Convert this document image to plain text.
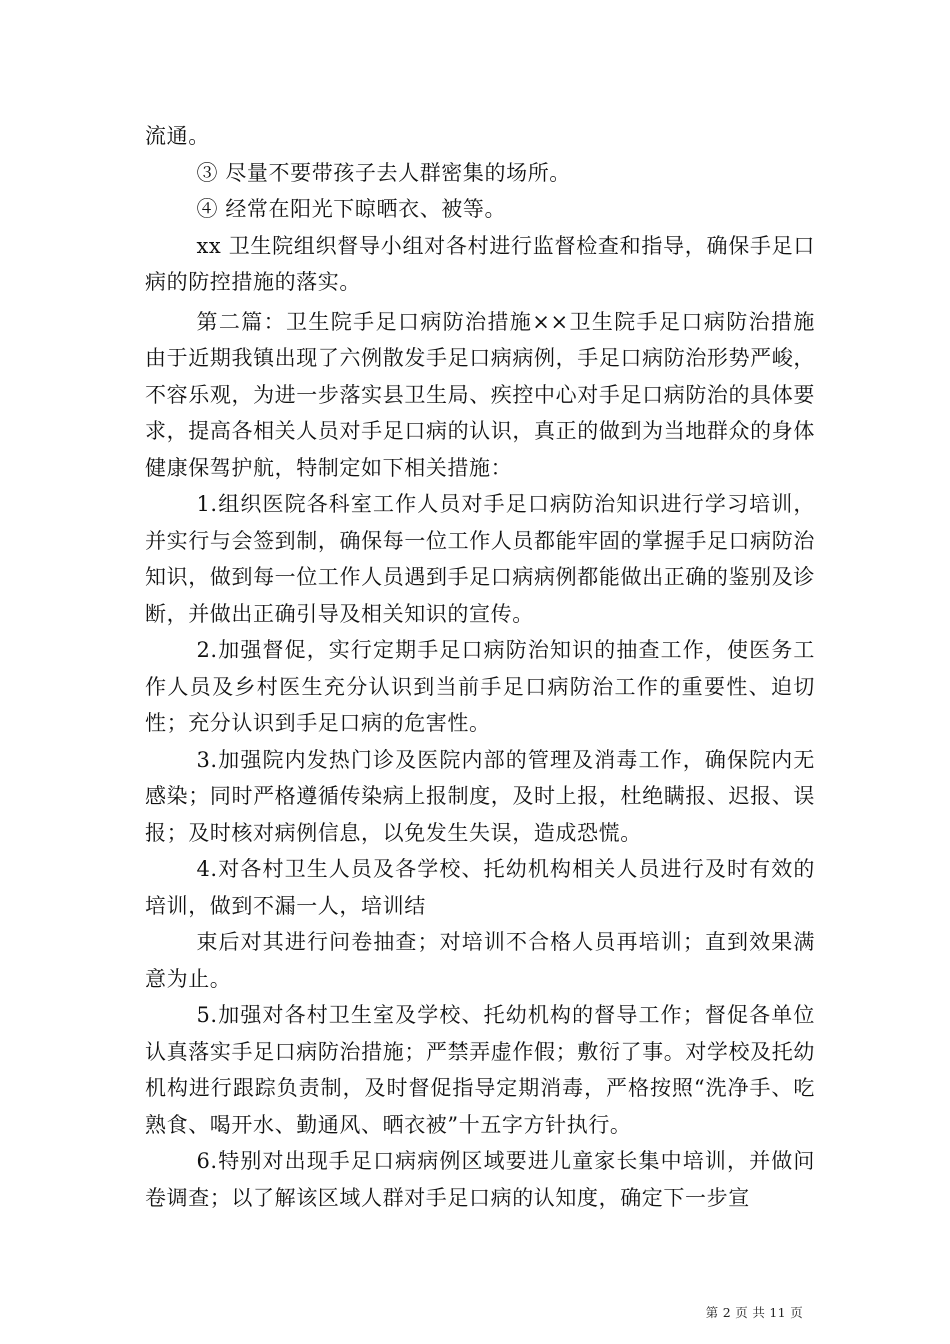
流通。

③ 尽量不要带孩子去人群密集的场所。

④ 经常在阳光下晾晒衣、被等。

xx 卫生院组织督导小组对各村进行监督检查和指导，确保手足口病的防控措施的落实。

第二篇：卫生院手足口病防治措施××卫生院手足口病防治措施由于近期我镇出现了六例散发手足口病病例，手足口病防治形势严峻，不容乐观，为进一步落实县卫生局、疾控中心对手足口病防治的具体要求，提高各相关人员对手足口病的认识，真正的做到为当地群众的身体健康保驾护航，特制定如下相关措施：

1.组织医院各科室工作人员对手足口病防治知识进行学习培训，并实行与会签到制，确保每一位工作人员都能牢固的掌握手足口病防治知识，做到每一位工作人员遇到手足口病病例都能做出正确的鉴别及诊断，并做出正确引导及相关知识的宣传。

2.加强督促，实行定期手足口病防治知识的抽查工作，使医务工作人员及乡村医生充分认识到当前手足口病防治工作的重要性、迫切性；充分认识到手足口病的危害性。

3.加强院内发热门诊及医院内部的管理及消毒工作，确保院内无感染；同时严格遵循传染病上报制度，及时上报，杜绝瞒报、迟报、误报；及时核对病例信息，以免发生失误，造成恐慌。

4.对各村卫生人员及各学校、托幼机构相关人员进行及时有效的培训，做到不漏一人，培训结

束后对其进行问卷抽查；对培训不合格人员再培训；直到效果满意为止。

5.加强对各村卫生室及学校、托幼机构的督导工作；督促各单位认真落实手足口病防治措施；严禁弄虚作假；敷衍了事。对学校及托幼机构进行跟踪负责制，及时督促指导定期消毒，严格按照“洗净手、吃熟食、喝开水、勤通风、晒衣被”十五字方针执行。

6.特别对出现手足口病病例区域要进儿童家长集中培训，并做问卷调查；以了解该区域人群对手足口病的认知度，确定下一步宣

第 2 页 共 11 页
